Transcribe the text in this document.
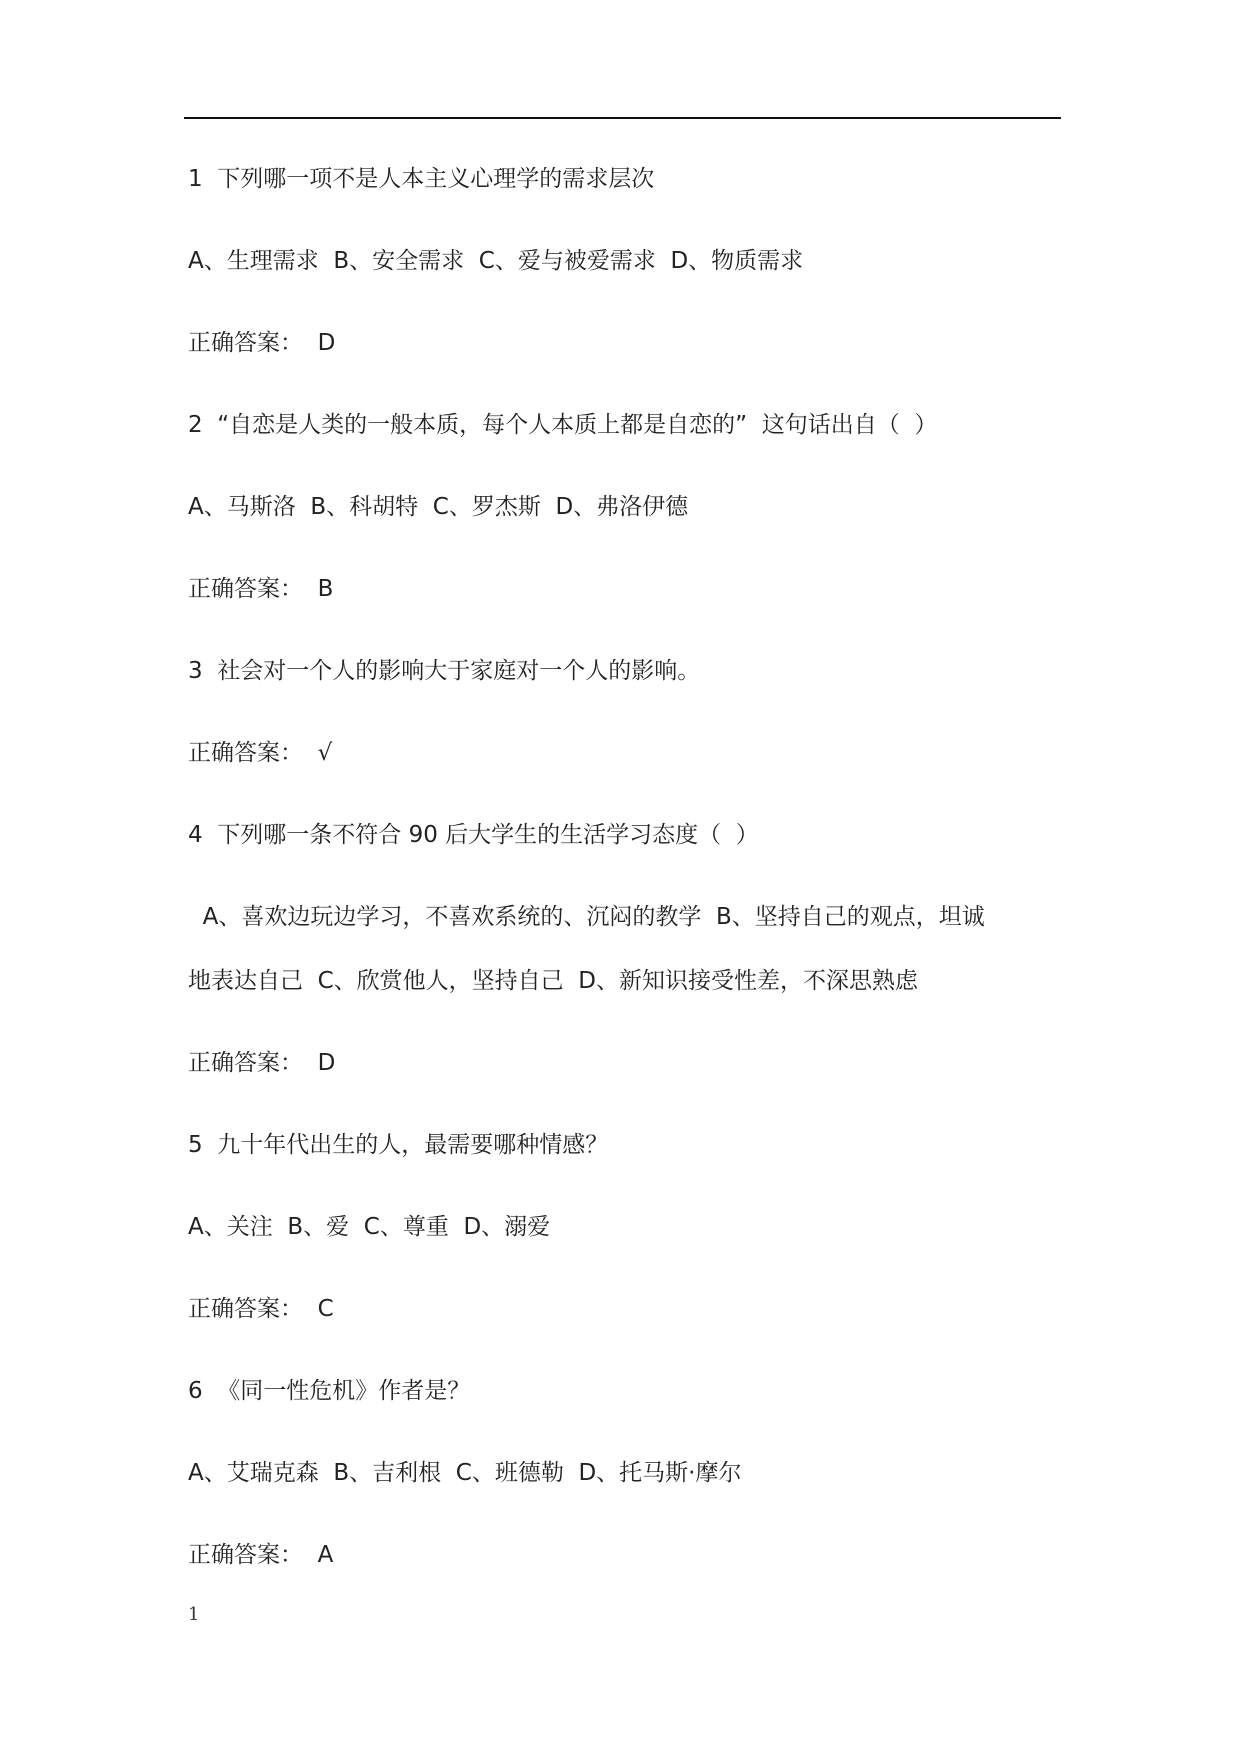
1  下列哪一项不是人本主义心理学的需求层次
A、生理需求  B、安全需求  C、爱与被爱需求  D、物质需求
正确答案：  D
2  “自恋是人类的一般本质，每个人本质上都是自恋的”  这句话出自（  ）
A、马斯洛  B、科胡特  C、罗杰斯  D、弗洛伊德
正确答案：  B
3  社会对一个人的影响大于家庭对一个人的影响。
正确答案：  √
4  下列哪一条不符合 90 后大学生的生活学习态度（  ）
A、喜欢边玩边学习，不喜欢系统的、沉闷的教学  B、坚持自己的观点，坦诚
地表达自己  C、欣赏他人，坚持自己  D、新知识接受性差，不深思熟虑
正确答案：  D
5  九十年代出生的人，最需要哪种情感？
A、关注  B、爱  C、尊重  D、溺爱
正确答案：  C
6  《同一性危机》作者是？
A、艾瑞克森  B、吉利根  C、班德勒  D、托马斯·摩尔
正确答案：  A
1
